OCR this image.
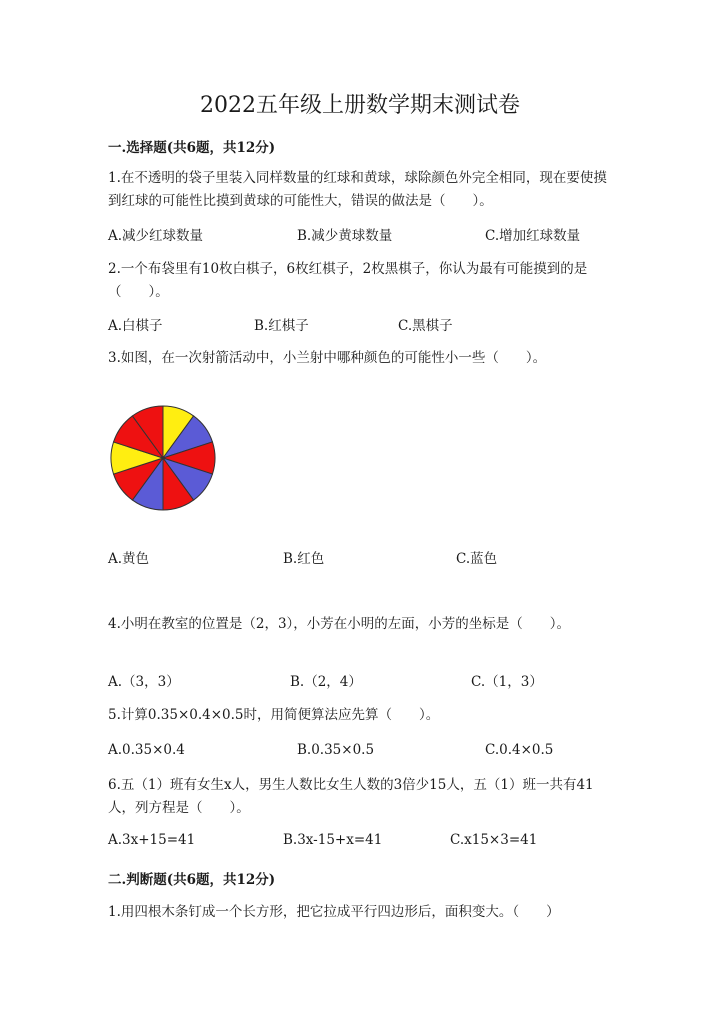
2022五年级上册数学期末测试卷
一.选择题(共6题，共12分)
1.在不透明的袋子里装入同样数量的红球和黄球，球除颜色外完全相同，现在要使摸到红球的可能性比摸到黄球的可能性大，错误的做法是（　　）。
A.减少红球数量	B.减少黄球数量	C.增加红球数量
2.一个布袋里有10枚白棋子，6枚红棋子，2枚黑棋子，你认为最有可能摸到的是（　　）。
A.白棋子	B.红棋子	C.黑棋子
3.如图，在一次射箭活动中，小兰射中哪种颜色的可能性小一些（　　）。
A.黄色	B.红色	C.蓝色
4.小明在教室的位置是（2，3），小芳在小明的左面，小芳的坐标是（　　）。
A.（3，3）	B.（2，4）	C.（1，3）
5.计算0.35×0.4×0.5时，用简便算法应先算（　　）。
A.0.35×0.4	B.0.35×0.5	C.0.4×0.5
6.五（1）班有女生x人，男生人数比女生人数的3倍少15人，五（1）班一共有41人，列方程是（　　）。
A.3x+15=41	B.3x-15+x=41	C.x15×3=41
二.判断题(共6题，共12分)
1.用四根木条钉成一个长方形，把它拉成平行四边形后，面积变大。（　　）
